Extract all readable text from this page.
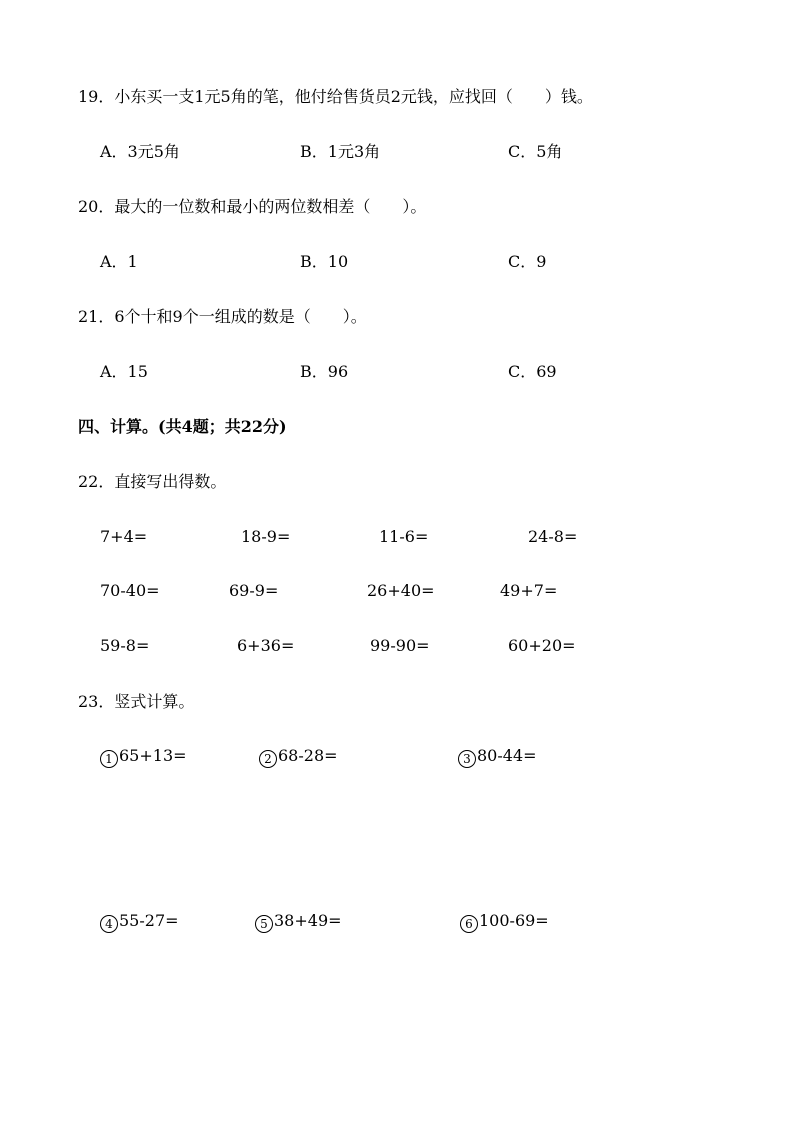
19．小东买一支1元5角的笔，他付给售货员2元钱，应找回（　　）钱。
A．3元5角	B．1元3角	C．5角
20．最大的一位数和最小的两位数相差（　　）。
A．1	B．10	C．9
21．6个十和9个一组成的数是（　　）。
A．15	B．96	C．69
四、计算。(共4题；共22分)
22．直接写出得数。
7+4=	18-9=	11-6=	24-8=
70-40=	69-9=	26+40=	49+7=
59-8=	6+36=	99-90=	60+20=
23．竖式计算。
1 65+13=	2 68-28=	3 80-44=
4 55-27=	5 38+49=	6 100-69=
